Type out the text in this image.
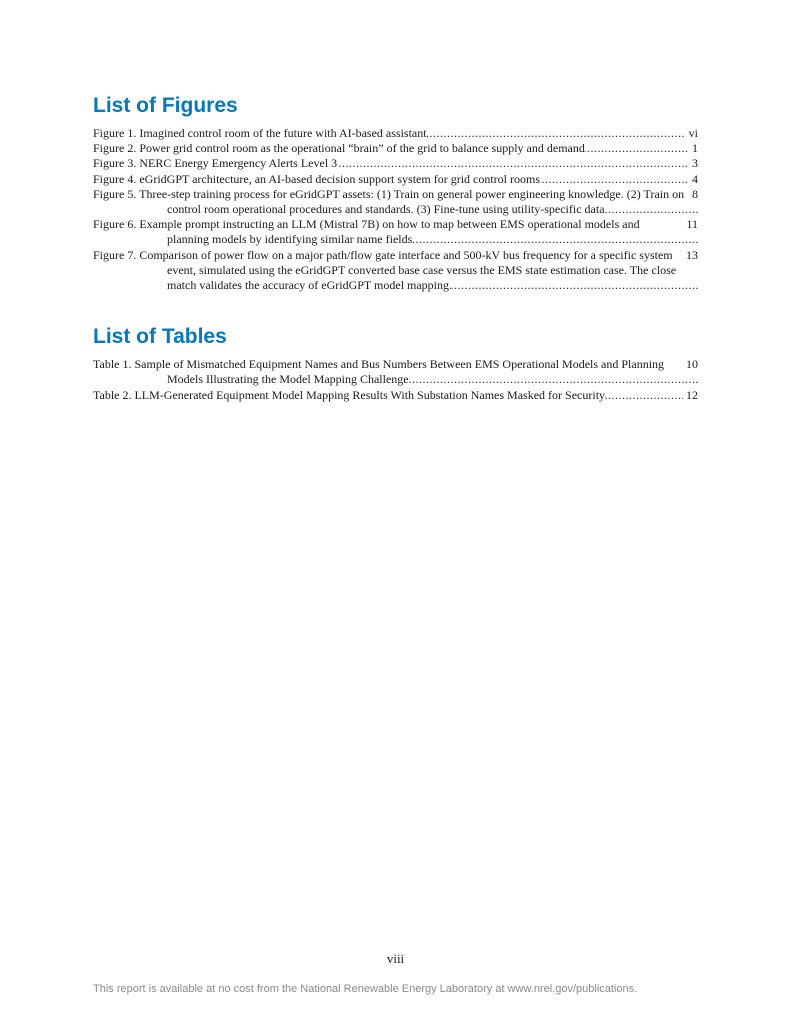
List of Figures
.....
vi
Figure 1. Imagined control room of the future with AI-based assistant
.....
1
Figure 2. Power grid control room as the operational “brain” of the grid to balance supply and demand
.....
3
Figure 3. NERC Energy Emergency Alerts Level 3
.....
4
Figure 4. eGridGPT architecture, an AI-based decision support system for grid control rooms
.....
8
Figure 5. Three-step training process for eGridGPT assets: (1) Train on general power engineering knowledge. (2) Train on control room operational procedures and standards. (3) Fine-tune using utility-specific data
.....
11
Figure 6. Example prompt instructing an LLM (Mistral 7B) on how to map between EMS operational models and planning models by identifying similar name fields
.....
13
Figure 7. Comparison of power flow on a major path/flow gate interface and 500-kV bus frequency for a specific system event, simulated using the eGridGPT converted base case versus the EMS state estimation case. The close match validates the accuracy of eGridGPT model mapping.
List of Tables
.....
10
Table 1. Sample of Mismatched Equipment Names and Bus Numbers Between EMS Operational Models and Planning Models Illustrating the Model Mapping Challenge
.....
12
Table 2. LLM-Generated Equipment Model Mapping Results With Substation Names Masked for Security
viii
This report is available at no cost from the National Renewable Energy Laboratory at www.nrel.gov/publications.
